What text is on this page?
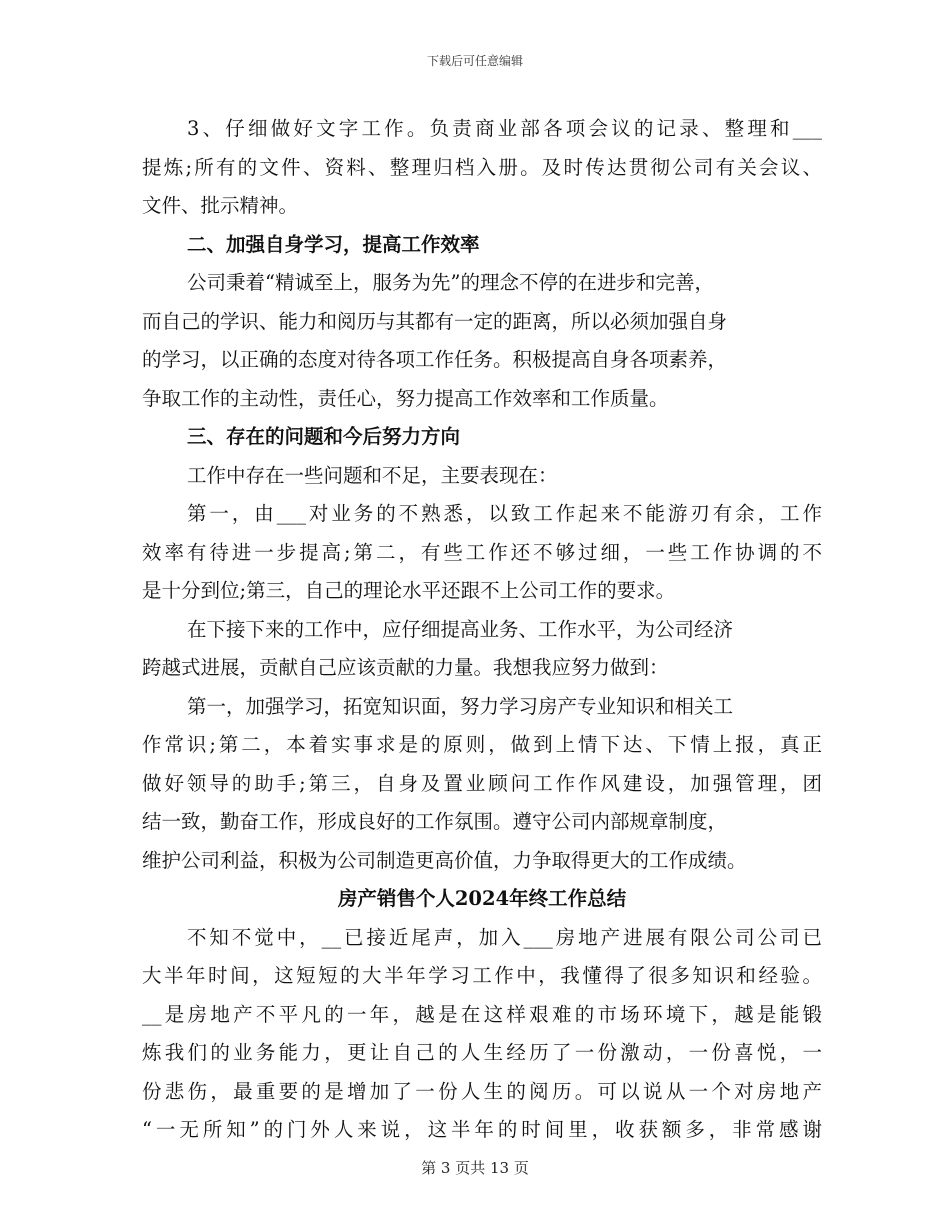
下载后可任意编辑
3、仔细做好文字工作。负责商业部各项会议的记录、整理和___
提炼;所有的文件、资料、整理归档入册。及时传达贯彻公司有关会议、
文件、批示精神。
二、加强自身学习，提高工作效率
公司秉着“精诚至上，服务为先”的理念不停的在进步和完善，
而自己的学识、能力和阅历与其都有一定的距离，所以必须加强自身
的学习，以正确的态度对待各项工作任务。积极提高自身各项素养，
争取工作的主动性，责任心，努力提高工作效率和工作质量。
三、存在的问题和今后努力方向
工作中存在一些问题和不足，主要表现在：
第一，由___对业务的不熟悉，以致工作起来不能游刃有余，工作
效率有待进一步提高;第二，有些工作还不够过细，一些工作协调的不
是十分到位;第三，自己的理论水平还跟不上公司工作的要求。
在下接下来的工作中，应仔细提高业务、工作水平，为公司经济
跨越式进展，贡献自己应该贡献的力量。我想我应努力做到：
第一，加强学习，拓宽知识面，努力学习房产专业知识和相关工
作常识;第二，本着实事求是的原则，做到上情下达、下情上报，真正
做好领导的助手;第三，自身及置业顾问工作作风建设，加强管理，团
结一致，勤奋工作，形成良好的工作氛围。遵守公司内部规章制度，
维护公司利益，积极为公司制造更高价值，力争取得更大的工作成绩。
房产销售个人2024年终工作总结
不知不觉中，__已接近尾声，加入___房地产进展有限公司公司已
大半年时间，这短短的大半年学习工作中，我懂得了很多知识和经验。
__是房地产不平凡的一年，越是在这样艰难的市场环境下，越是能锻
炼我们的业务能力，更让自己的人生经历了一份激动，一份喜悦，一
份悲伤，最重要的是增加了一份人生的阅历。可以说从一个对房地产
“一无所知”的门外人来说，这半年的时间里，收获额多，非常感谢
第 3 页共 13 页
